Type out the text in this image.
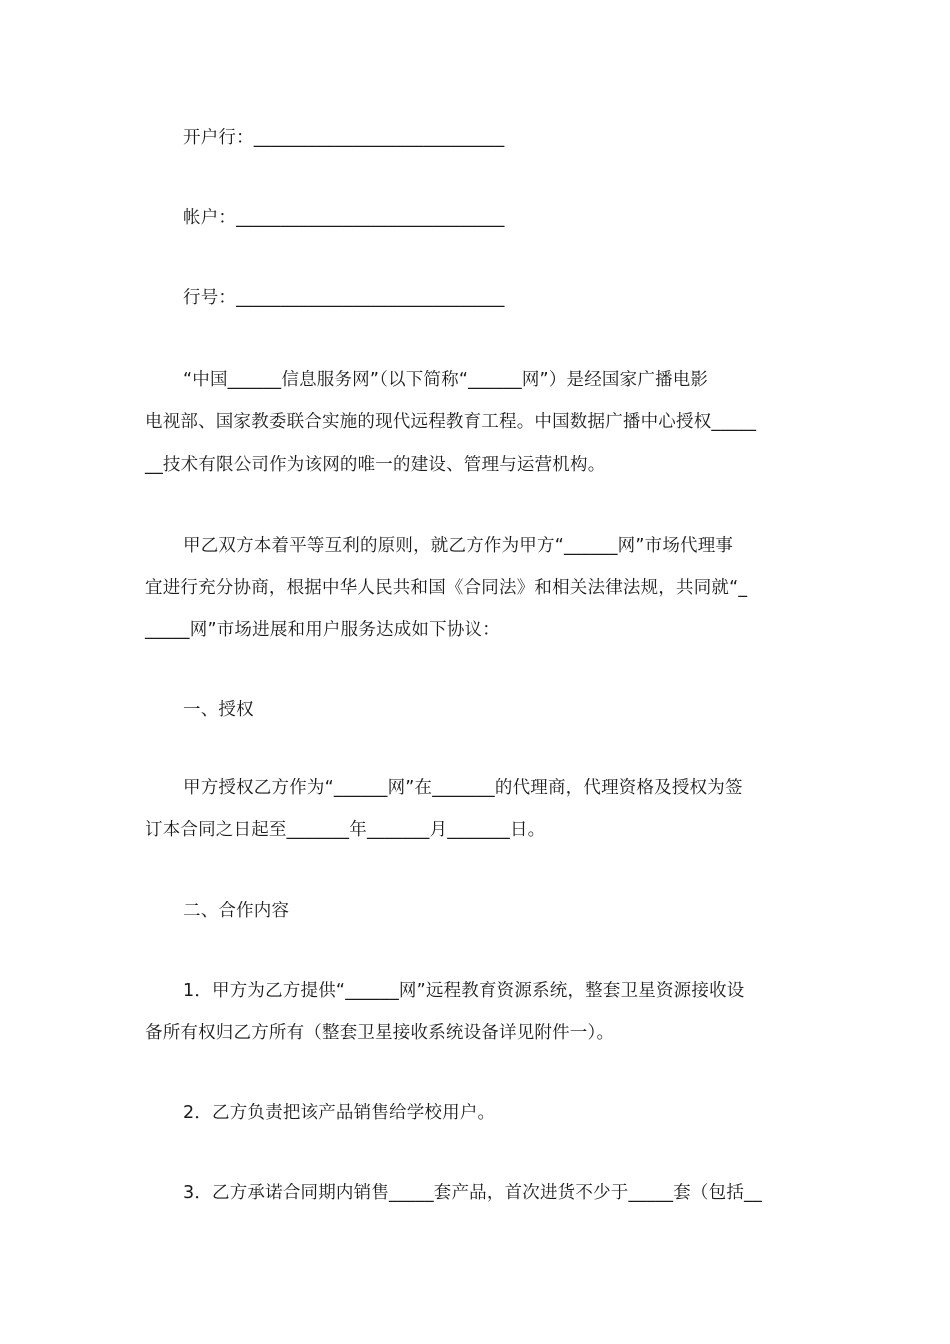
开户行：____________________________
帐户：______________________________
行号：______________________________
“中国______信息服务网”（以下简称“______网”）是经国家广播电影
电视部、国家教委联合实施的现代远程教育工程。中国数据广播中心授权_____
__技术有限公司作为该网的唯一的建设、管理与运营机构。
甲乙双方本着平等互利的原则，就乙方作为甲方“______网”市场代理事
宜进行充分协商，根据中华人民共和国《合同法》和相关法律法规，共同就“_
_____网”市场进展和用户服务达成如下协议：
一、授权
甲方授权乙方作为“______网”在_______的代理商，代理资格及授权为签
订本合同之日起至_______年_______月_______日。
二、合作内容
1．甲方为乙方提供“______网”远程教育资源系统，整套卫星资源接收设
备所有权归乙方所有（整套卫星接收系统设备详见附件一）。
2．乙方负责把该产品销售给学校用户。
3．乙方承诺合同期内销售_____套产品，首次进货不少于_____套（包括__
